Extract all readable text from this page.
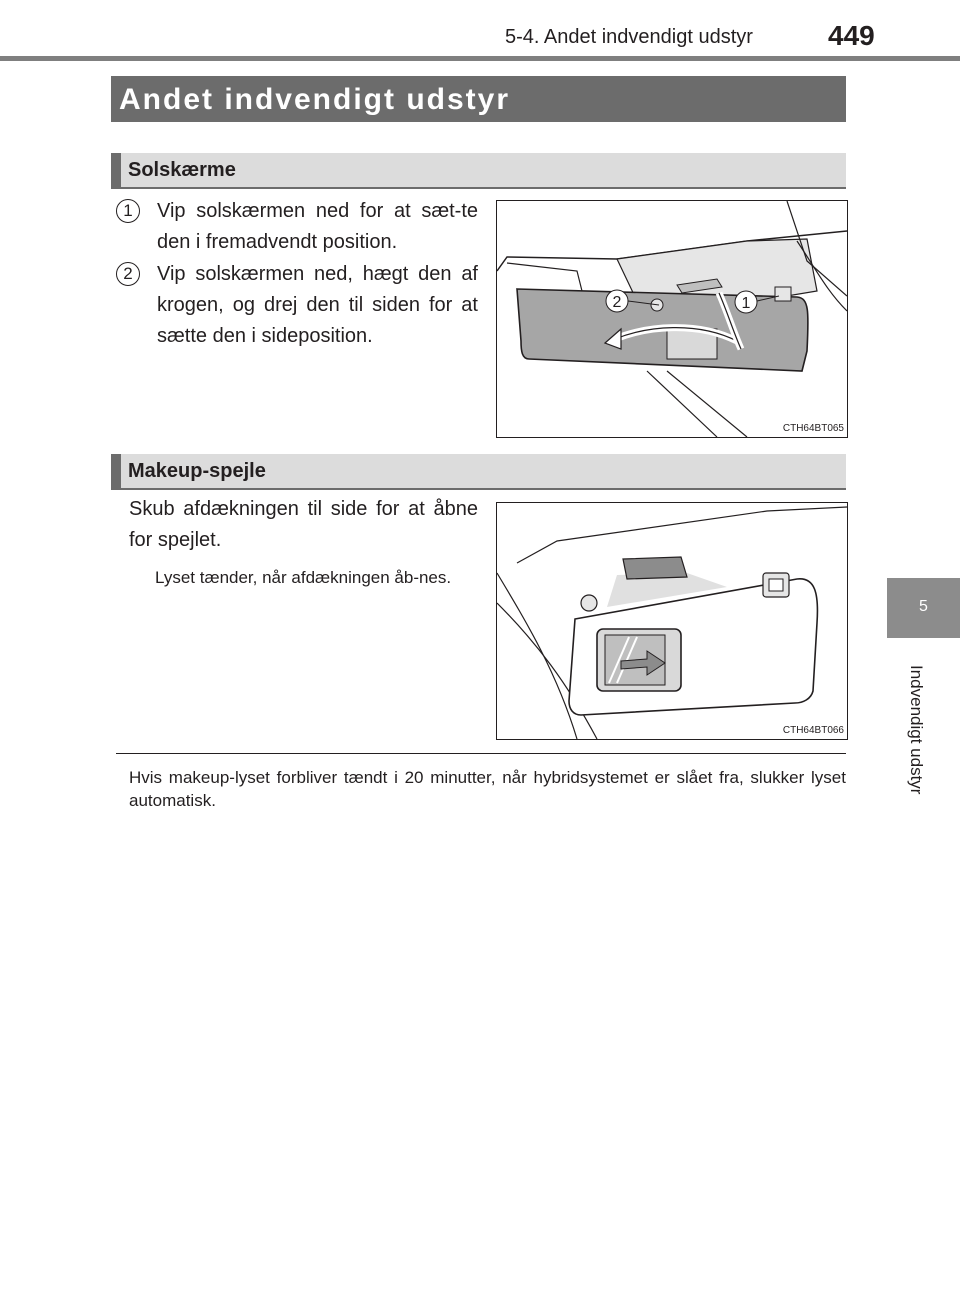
5-4. Andet indvendigt udstyr	449
5
Indvendigt udstyr
Andet indvendigt udstyr
Solskærme
1	Vip solskærmen ned for at sæt-te den i fremadvendt position.
2	Vip solskærmen ned, hægt den af krogen, og drej den til siden for at sætte den i sideposition.
2	1
CTH64BT065
Makeup-spejle
Skub afdækningen til side for at åbne for spejlet.
Lyset tænder, når afdækningen åb-nes.
CTH64BT066
Hvis makeup-lyset forbliver tændt i 20 minutter, når hybridsystemet er slået fra, slukker lyset automatisk.
